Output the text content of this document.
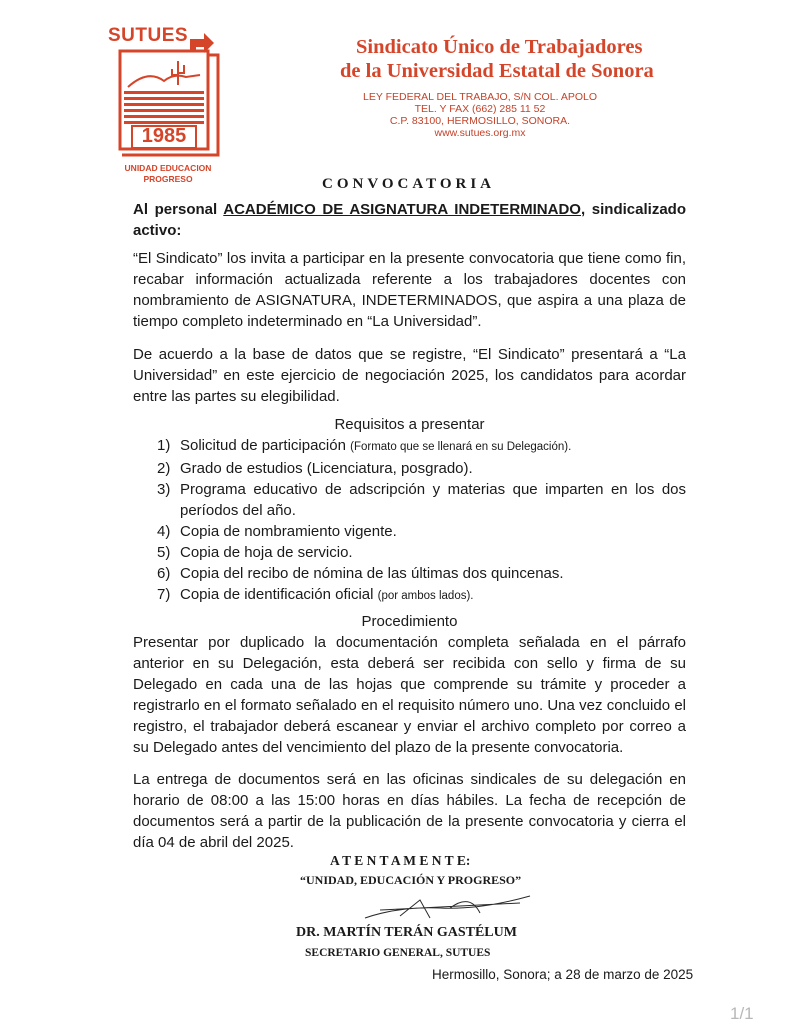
SUTUES
1985
UNIDAD EDUCACION
PROGRESO
Sindicato Único de Trabajadores
de la Universidad Estatal de Sonora
LEY FEDERAL DEL TRABAJO, S/N COL. APOLO
TEL. Y FAX (662) 285 11 52
C.P. 83100, HERMOSILLO, SONORA.
www.sutues.org.mx
CONVOCATORIA
Al personal ACADÉMICO DE ASIGNATURA INDETERMINADO, sindicalizado activo:
“El Sindicato” los invita a participar en la presente convocatoria que tiene como fin, recabar información actualizada referente a los trabajadores docentes con nombramiento de ASIGNATURA, INDETERMINADOS, que aspira a una plaza de tiempo completo indeterminado en “La Universidad”.
De acuerdo a la base de datos que se registre, “El Sindicato” presentará a “La Universidad” en este ejercicio de negociación 2025, los candidatos para acordar entre las partes su elegibilidad.
Requisitos a presentar
1) Solicitud de participación (Formato que se llenará en su Delegación).
2) Grado de estudios (Licenciatura, posgrado).
3) Programa educativo de adscripción y materias que imparten en los dos períodos del año.
4) Copia de nombramiento vigente.
5) Copia de hoja de servicio.
6) Copia del recibo de nómina de las últimas dos quincenas.
7) Copia de identificación oficial (por ambos lados).
Procedimiento
Presentar por duplicado la documentación completa señalada en el párrafo anterior en su Delegación, esta deberá ser recibida con sello y firma de su Delegado en cada una de las hojas que comprende su trámite y proceder a registrarlo en el formato señalado en el requisito número uno. Una vez concluido el registro, el trabajador deberá escanear y enviar el archivo completo por correo a su Delegado antes del vencimiento del plazo de la presente convocatoria.
La entrega de documentos será en las oficinas sindicales de su delegación en horario de 08:00 a las 15:00 horas en días hábiles. La fecha de recepción de documentos será a partir de la publicación de la presente convocatoria y cierra el día 04 de abril del 2025.
A T E N T A M E N T E:
“UNIDAD, EDUCACIÓN Y PROGRESO”
DR. MARTÍN TERÁN GASTÉLUM
SECRETARIO GENERAL, SUTUES
Hermosillo, Sonora; a 28 de marzo de 2025
1/1
